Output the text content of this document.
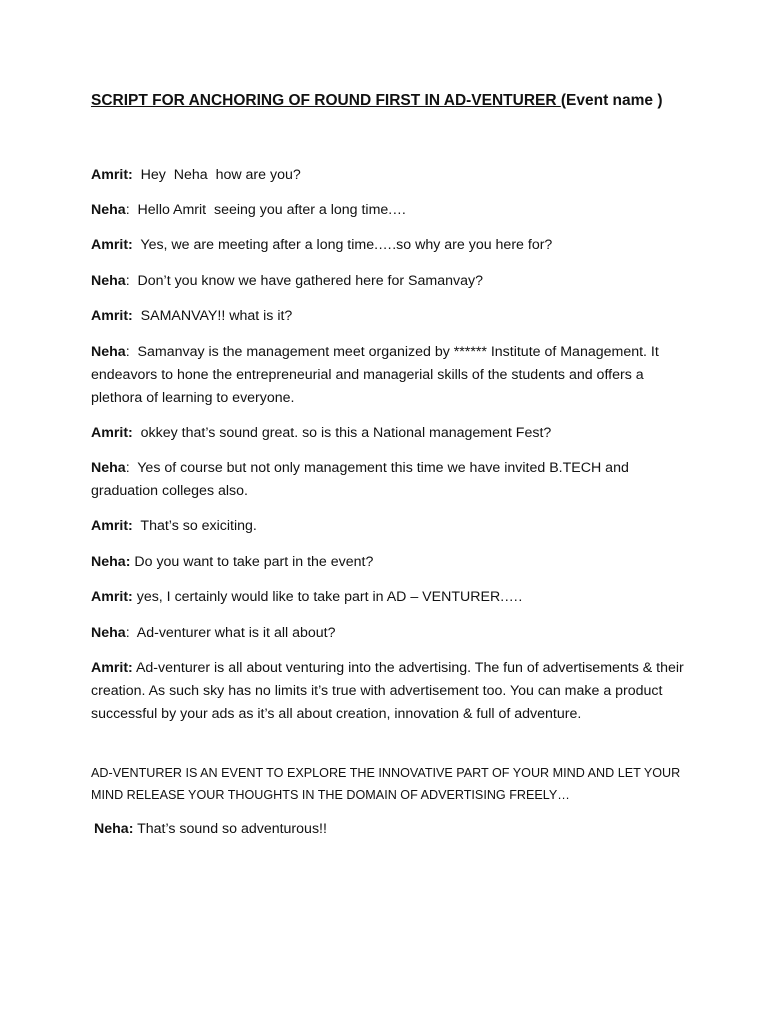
SCRIPT FOR ANCHORING OF ROUND FIRST IN AD-VENTURER (Event name )
Amrit:  Hey  Neha  how are you?
Neha:  Hello Amrit  seeing you after a long time.…
Amrit:  Yes, we are meeting after a long time.….so why are you here for?
Neha:  Don’t you know we have gathered here for Samanvay?
Amrit:  SAMANVAY!! what is it?
Neha:  Samanvay is the management meet organized by ****** Institute of Management. It endeavors to hone the entrepreneurial and managerial skills of the students and offers a plethora of learning to everyone.
Amrit:  okkey that’s sound great. so is this a National management Fest?
Neha:  Yes of course but not only management this time we have invited B.TECH and graduation colleges also.
Amrit:  That’s so exiciting.
Neha: Do you want to take part in the event?
Amrit: yes, I certainly would like to take part in AD – VENTURER.….
Neha:  Ad-venturer what is it all about?
Amrit: Ad-venturer is all about venturing into the advertising. The fun of advertisements & their creation. As such sky has no limits it’s true with advertisement too. You can make a product successful by your ads as it’s all about creation, innovation & full of adventure.
AD-VENTURER IS AN EVENT TO EXPLORE THE INNOVATIVE PART OF YOUR MIND AND LET YOUR MIND RELEASE YOUR THOUGHTS IN THE DOMAIN OF ADVERTISING FREELY…
Neha: That’s sound so adventurous!!
